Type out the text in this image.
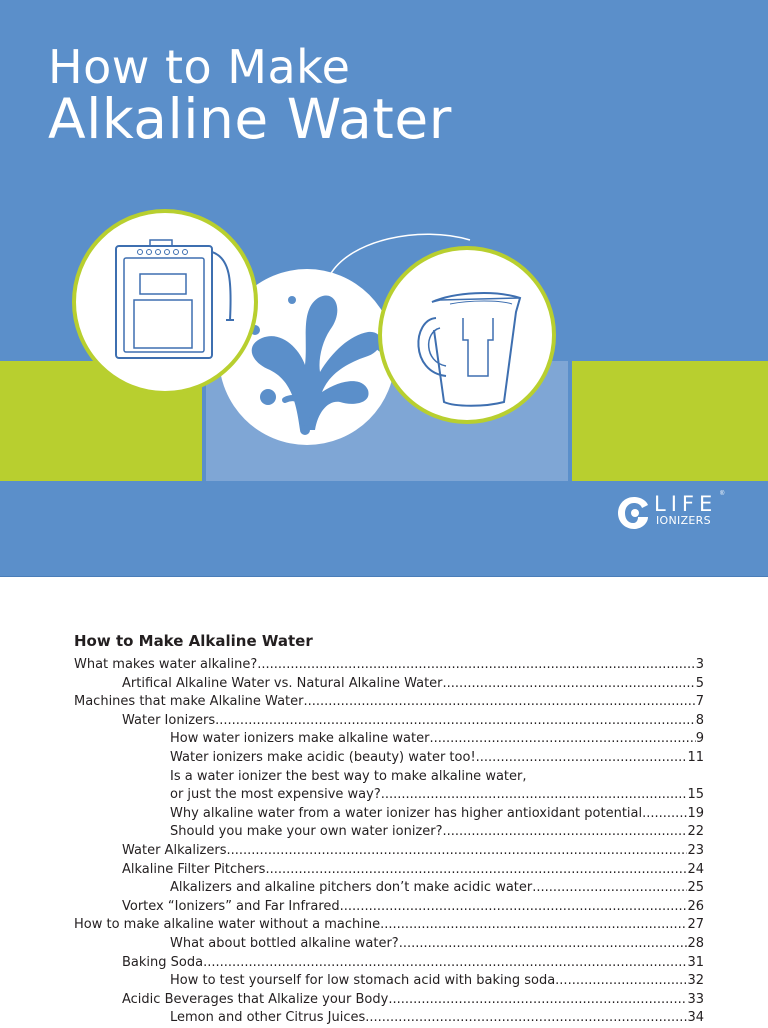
How to Make
Alkaline Water
LIFE ®
IONIZERS
How to Make Alkaline Water
What makes water alkaline? .....	3
Artifical Alkaline Water vs. Natural Alkaline Water .....	5
Machines that make Alkaline Water .....	7
Water Ionizers .....	8
How water ionizers make alkaline water .....	9
Water ionizers make acidic (beauty) water too! .....	11
Is a water ionizer the best way to make alkaline water,
or just the most expensive way? .....	15
Why alkaline water from a water ionizer has higher antioxidant potential .....	19
Should you make your own water ionizer? .....	22
Water Alkalizers .....	23
Alkaline Filter Pitchers .....	24
Alkalizers and alkaline pitchers don’t make acidic water .....	25
Vortex “Ionizers” and Far Infrared .....	26
How to make alkaline water without a machine .....	27
What about bottled alkaline water? .....	28
Baking Soda .....	31
How to test yourself for low stomach acid with baking soda .....	32
Acidic Beverages that Alkalize your Body .....	33
Lemon and other Citrus Juices .....	34
